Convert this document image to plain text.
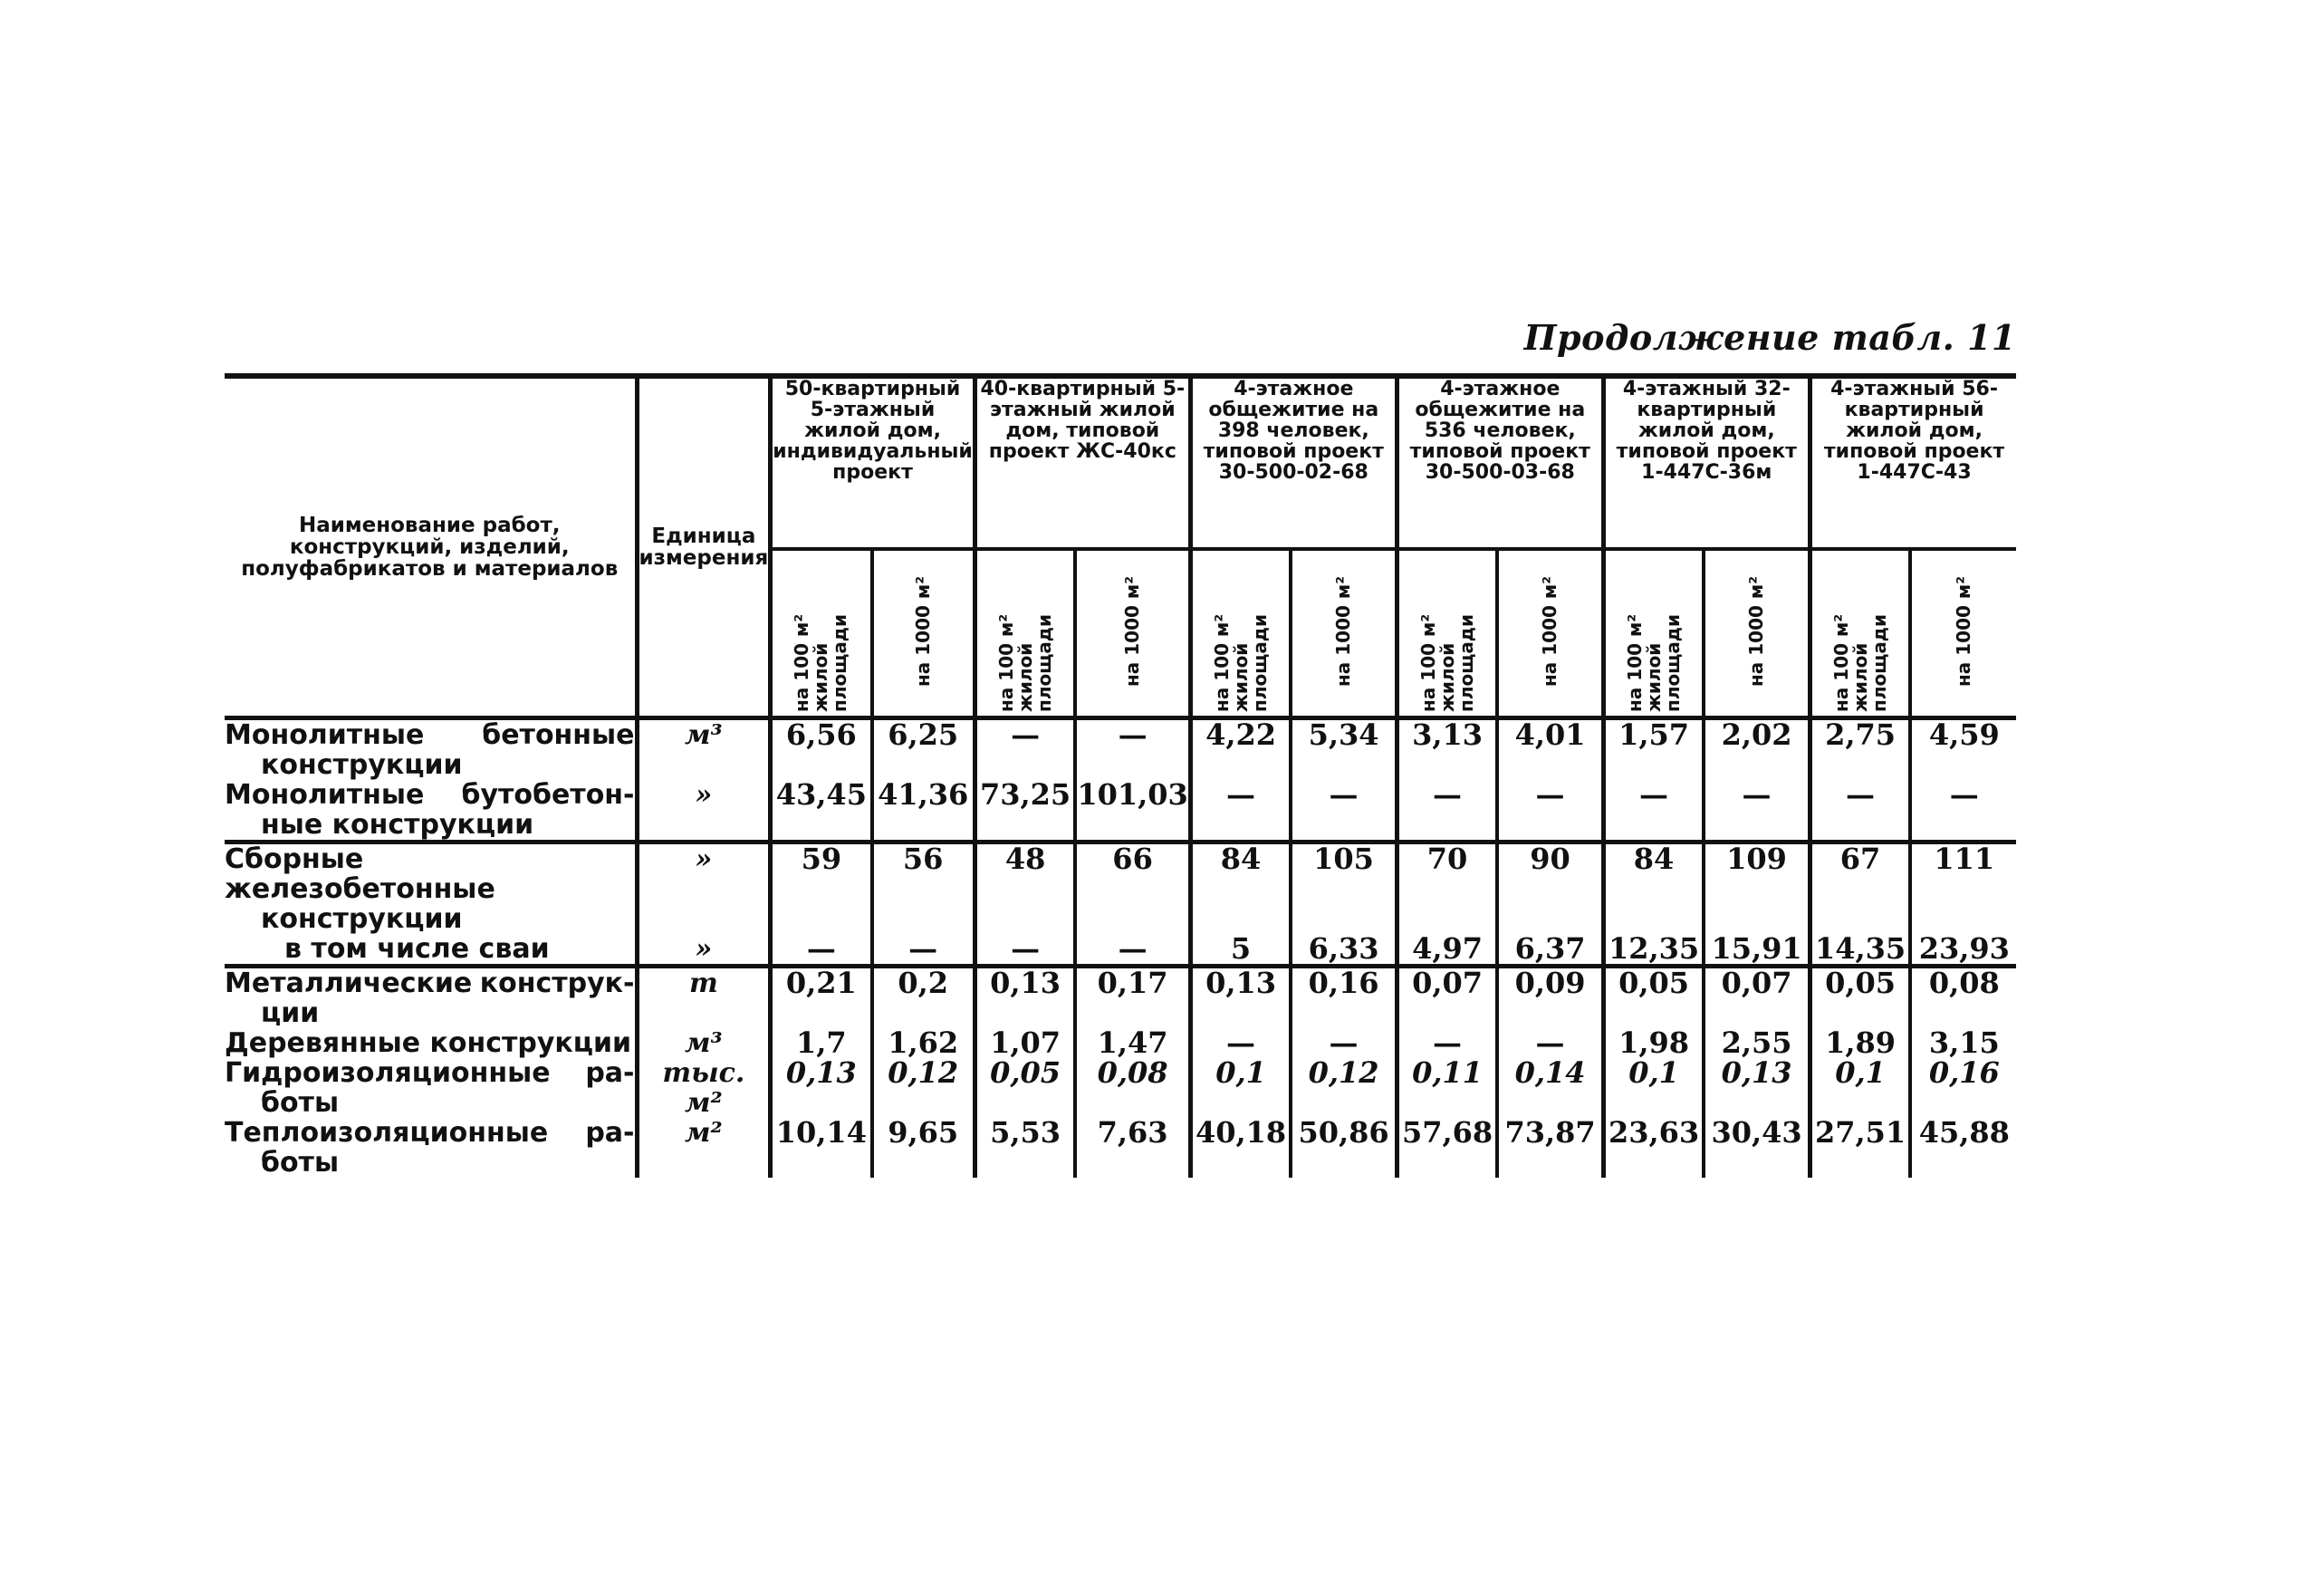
Продолжение табл. 11
Наименование работ, конструкций, изделий, полуфабрикатов и материалов	Единица измерения	50-квартирный 5-этажный жилой дом, индивидуальный проект		40-квартирный 5-этажный жилой дом, типовой проект ЖС-40кс		4-этажное общежитие на 398 человек, типовой проект 30-500-02-68		4-этажное общежитие на 536 человек, типовой проект 30-500-03-68		4-этажный 32-квартирный жилой дом, типовой проект 1-447С-36м		4-этажный 56-квартирный жилой дом, типовой проект 1-447С-43	
		на 100 м² жилой площади	на 1000 м²	на 100 м² жилой площади	на 1000 м²	на 100 м² жилой площади	на 1000 м²	на 100 м² жилой площади	на 1000 м²	на 100 м² жилой площади	на 1000 м²	на 100 м² жилой площади	на 1000 м²

Монолитные бетонные
конструкции	м³	6,56	6,25	—	—	4,22	5,34	3,13	4,01	1,57	2,02	2,75	4,59

Монолитные бутобетон-
ные конструкции	»	43,45	41,36	73,25	101,03	—	—	—	—	—	—	—	—

Сборные железобетонные
конструкции	»	59	56	48	66	84	105	70	90	84	109	67	111

в том числе сваи	»	—	—	—	—	5	6,33	4,97	6,37	12,35	15,91	14,35	23,93

Металлические конструк-
ции	т	0,21	0,2	0,13	0,17	0,13	0,16	0,07	0,09	0,05	0,07	0,05	0,08

Деревянные конструкции	м³	1,7	1,62	1,07	1,47	—	—	—	—	1,98	2,55	1,89	3,15

Гидроизоляционные ра-
боты	тыс. м²	0,13	0,12	0,05	0,08	0,1	0,12	0,11	0,14	0,1	0,13	0,1	0,16

Теплоизоляционные ра-
боты	м²	10,14	9,65	5,53	7,63	40,18	50,86	57,68	73,87	23,63	30,43	27,51	45,88
